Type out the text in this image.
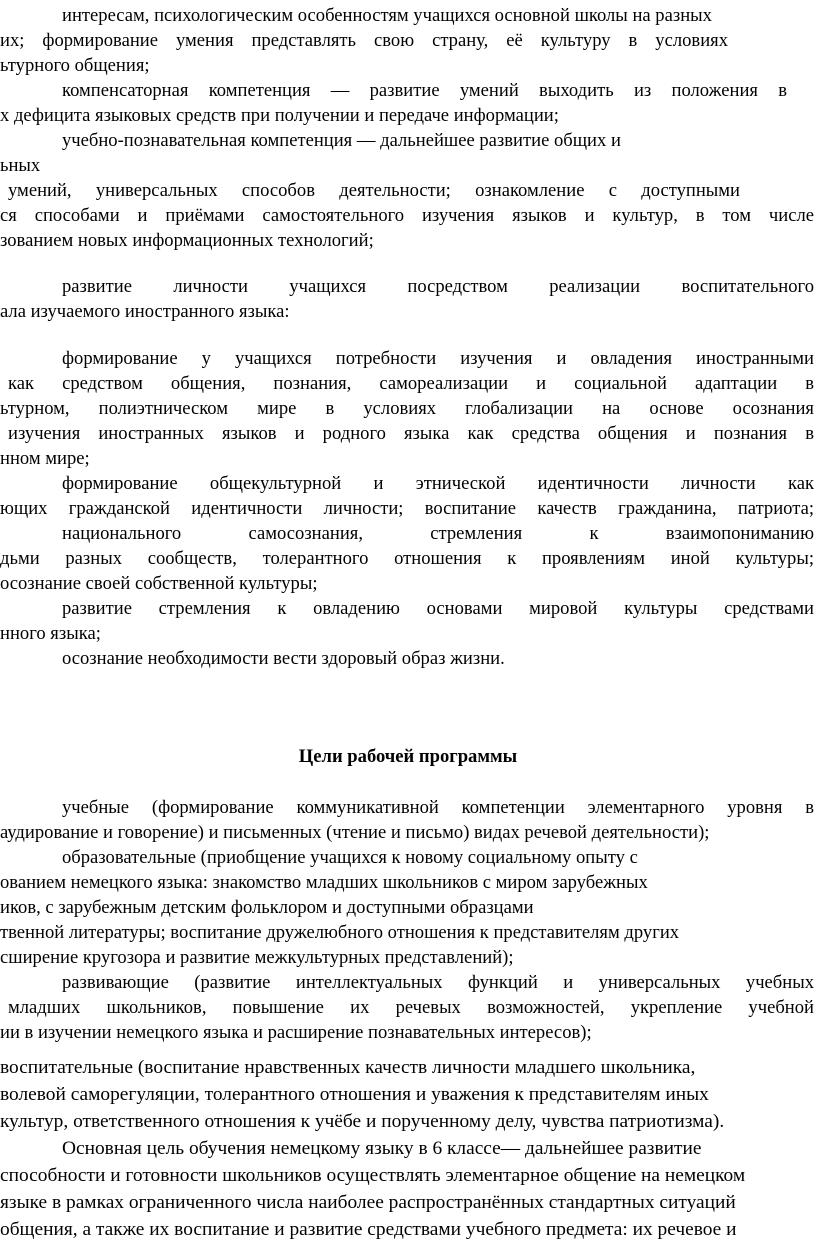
интересам, психологическим особенностям учащихся основной школы на разных
их; формирование умения представлять свою страну, её культуру в условиях
ьтурного общения;
компенсаторная компетенция — развитие умений выходить из положения в
х дефицита языковых средств при получении и передаче информации;
учебно-познавательная компетенция — дальнейшее развитие общих и
ьных
умений, универсальных способов деятельности; ознакомление с доступными
ся способами и приёмами самостоятельного изучения языков и культур, в том числе
зованием новых информационных технологий;
развитие личности учащихся посредством реализации воспитательного
ала изучаемого иностранного языка:
формирование у учащихся потребности изучения и овладения иностранными
как средством общения, познания, самореализации и социальной адаптации в
ьтурном, полиэтническом мире в условиях глобализации на основе осознания
изучения иностранных языков и родного языка как средства общения и познания в
нном мире;
формирование общекультурной и этнической идентичности личности как
ющих гражданской идентичности личности; воспитание качеств гражданина, патриота;
национального самосознания, стремления к взаимопониманию
дьми разных сообществ, толерантного отношения к проявлениям иной культуры;
осознание своей собственной культуры;
развитие стремления к овладению основами мировой культуры средствами
нного языка;
осознание необходимости вести здоровый образ жизни.
Цели рабочей программы
учебные (формирование коммуникативной компетенции элементарного уровня в
аудирование и говорение) и письменных (чтение и письмо) видах речевой деятельности);
образовательные (приобщение учащихся к новому социальному опыту с
ованием немецкого языка: знакомство младших школьников с миром зарубежных
иков, с зарубежным детским фольклором и доступными образцами
твенной литературы; воспитание дружелюбного отношения к представителям других
сширение кругозора и развитие межкультурных представлений);
развивающие (развитие интеллектуальных функций и универсальных учебных
младших школьников, повышение их речевых возможностей, укрепление учебной
ии в изучении немецкого языка и расширение познавательных интересов);
воспитательные (воспитание нравственных качеств личности младшего школьника,
волевой саморегуляции, толерантного отношения и уважения к представителям иных
культур, ответственного отношения к учёбе и порученному делу, чувства патриотизма).
Основная цель обучения немецкому языку в 6 классе— дальнейшее развитие
способности и готовности школьников осуществлять элементарное общение на немецком
языке в рамках ограниченного числа наиболее распространённых стандартных ситуаций
общения, а также их воспитание и развитие средствами учебного предмета: их речевое и
